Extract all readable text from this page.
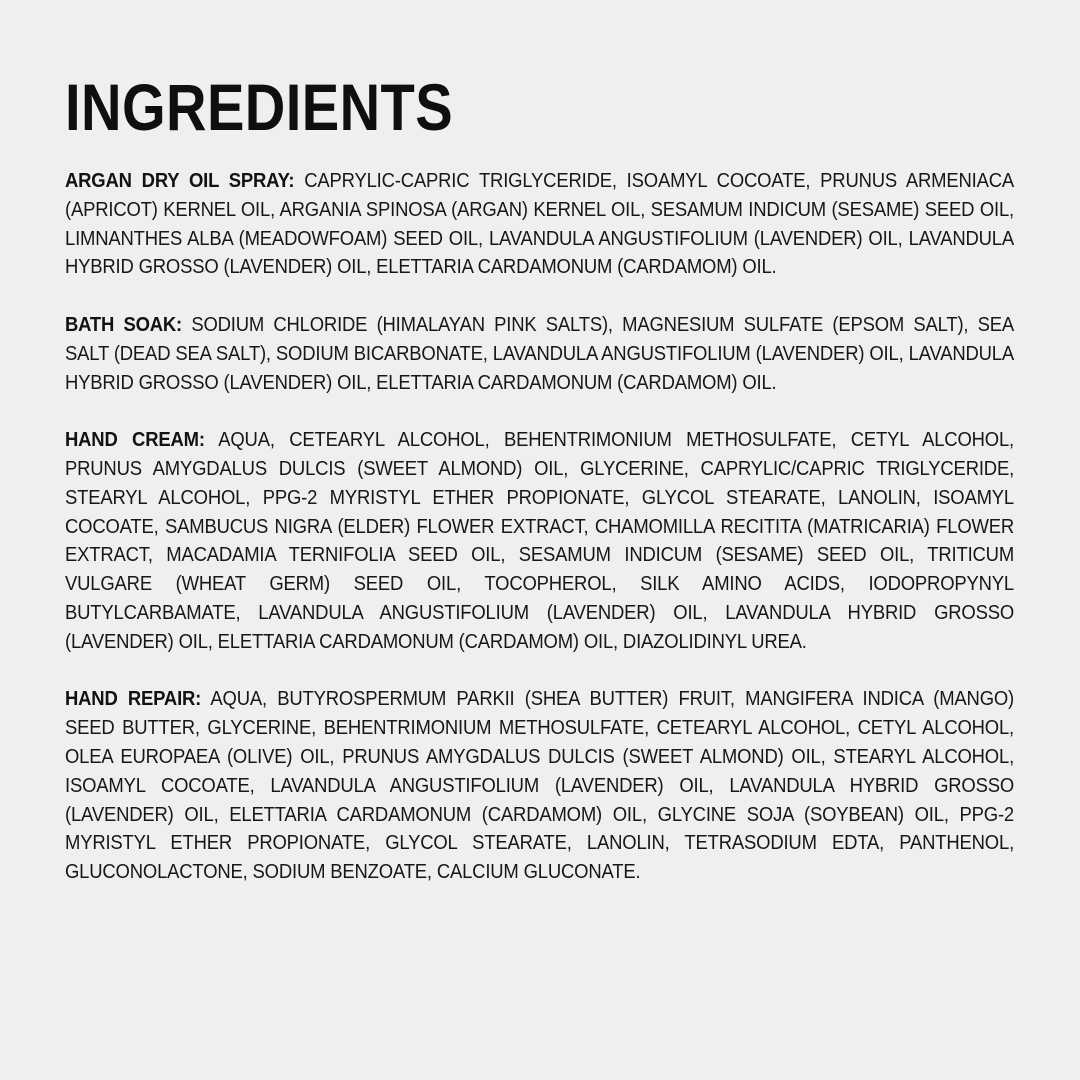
INGREDIENTS

ARGAN DRY OIL SPRAY: CAPRYLIC-CAPRIC TRIGLYCERIDE, ISOAMYL COCOATE, PRUNUS ARMENIACA (APRICOT) KERNEL OIL, ARGANIA SPINOSA (ARGAN) KERNEL OIL, SESAMUM INDICUM (SESAME) SEED OIL, LIMNANTHES ALBA (MEADOWFOAM) SEED OIL, LAVANDULA ANGUSTIFOLIUM (LAVENDER) OIL, LAVANDULA HYBRID GROSSO (LAVENDER) OIL, ELETTARIA CARDAMONUM (CARDAMOM) OIL.

BATH SOAK: SODIUM CHLORIDE (HIMALAYAN PINK SALTS), MAGNESIUM SULFATE (EPSOM SALT), SEA SALT (DEAD SEA SALT), SODIUM BICARBONATE, LAVANDULA ANGUSTIFOLIUM (LAVENDER) OIL, LAVANDULA HYBRID GROSSO (LAVENDER) OIL, ELETTARIA CARDAMONUM (CARDAMOM) OIL.

HAND CREAM: AQUA, CETEARYL ALCOHOL, BEHENTRIMONIUM METHOSULFATE, CETYL ALCOHOL, PRUNUS AMYGDALUS DULCIS (SWEET ALMOND) OIL, GLYCERINE, CAPRYLIC/CAPRIC TRIGLYCERIDE, STEARYL ALCOHOL, PPG-2 MYRISTYL ETHER PROPIONATE, GLYCOL STEARATE, LANOLIN, ISOAMYL COCOATE, SAMBUCUS NIGRA (ELDER) FLOWER EXTRACT, CHAMOMILLA RECITITA (MATRICARIA) FLOWER EXTRACT, MACADAMIA TERNIFOLIA SEED OIL, SESAMUM INDICUM (SESAME) SEED OIL, TRITICUM VULGARE (WHEAT GERM) SEED OIL, TOCOPHEROL, SILK AMINO ACIDS, IODOPROPYNYL BUTYLCARBAMATE, LAVANDULA ANGUSTIFOLIUM (LAVENDER) OIL, LAVANDULA HYBRID GROSSO (LAVENDER) OIL, ELETTARIA CARDAMONUM (CARDAMOM) OIL, DIAZOLIDINYL UREA.

HAND REPAIR: AQUA, BUTYROSPERMUM PARKII (SHEA BUTTER) FRUIT, MANGIFERA INDICA (MANGO) SEED BUTTER, GLYCERINE, BEHENTRIMONIUM METHOSULFATE, CETEARYL ALCOHOL, CETYL ALCOHOL, OLEA EUROPAEA (OLIVE) OIL, PRUNUS AMYGDALUS DULCIS (SWEET ALMOND) OIL, STEARYL ALCOHOL, ISOAMYL COCOATE, LAVANDULA ANGUSTIFOLIUM (LAVENDER) OIL, LAVANDULA HYBRID GROSSO (LAVENDER) OIL, ELETTARIA CARDAMONUM (CARDAMOM) OIL, GLYCINE SOJA (SOYBEAN) OIL, PPG-2 MYRISTYL ETHER PROPIONATE, GLYCOL STEARATE, LANOLIN, TETRASODIUM EDTA, PANTHENOL, GLUCONOLACTONE, SODIUM BENZOATE, CALCIUM GLUCONATE.
